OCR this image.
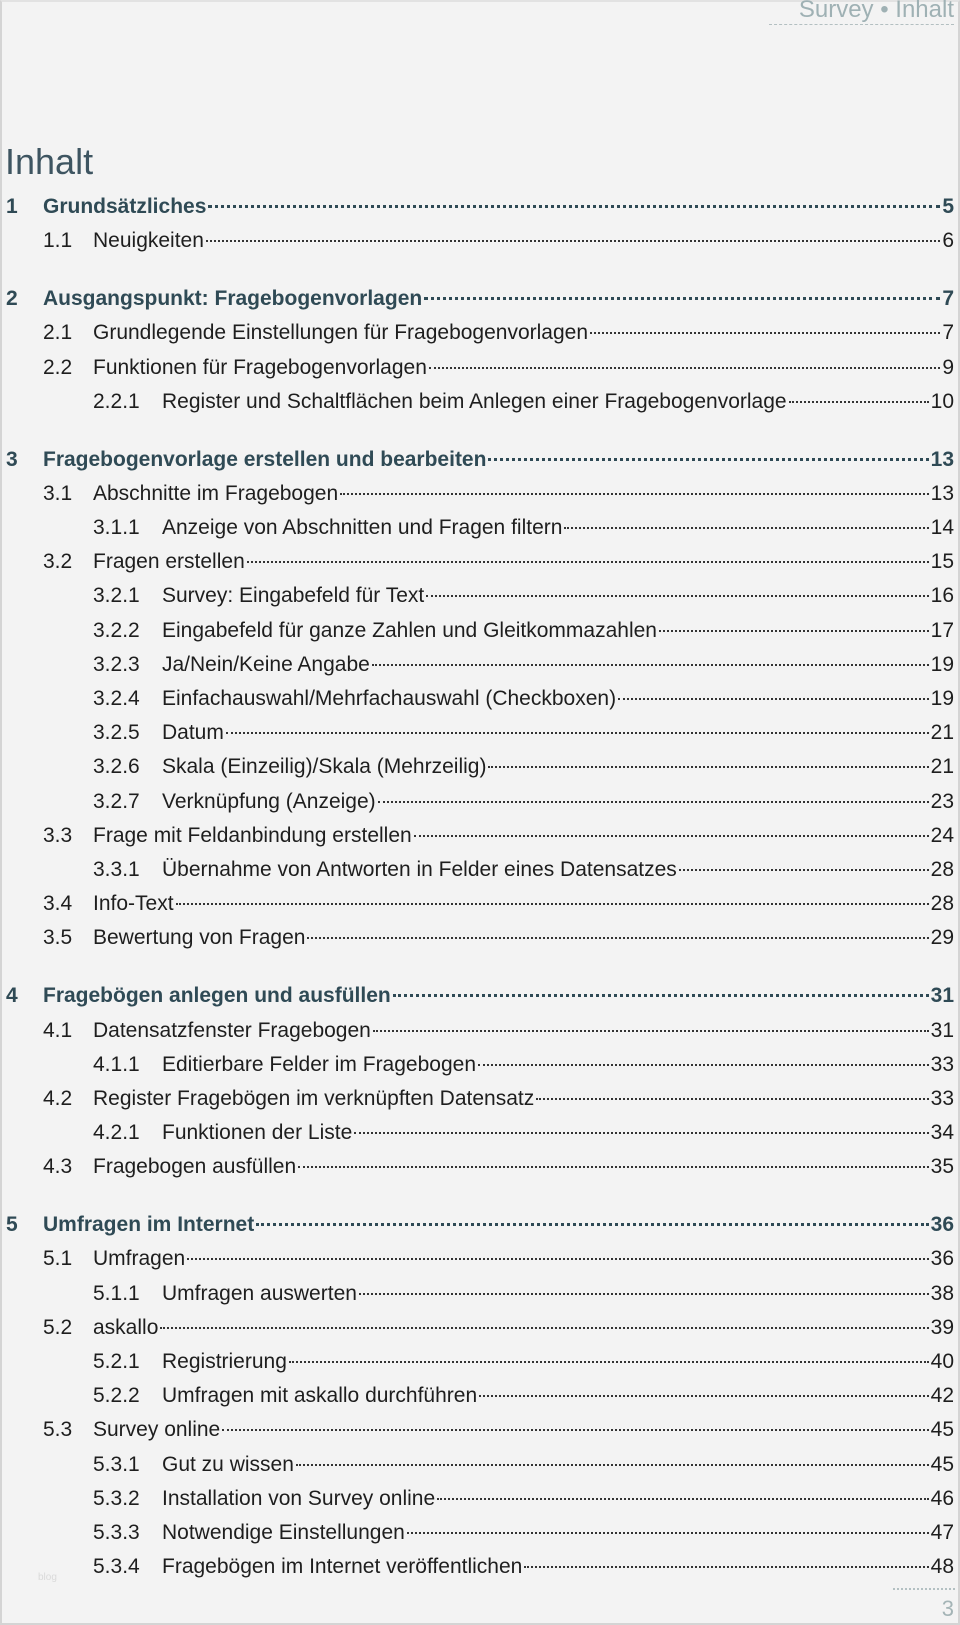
Survey • Inhalt
Inhalt
1	Grundsätzliches	5
1.1 Neuigkeiten	6
2	Ausgangspunkt: Fragebogenvorlagen	7
2.1 Grundlegende Einstellungen für Fragebogenvorlagen	7
2.2 Funktionen für Fragebogenvorlagen	9
2.2.1	Register und Schaltflächen beim Anlegen einer Fragebogenvorlage	10
3	Fragebogenvorlage erstellen und bearbeiten	13
3.1 Abschnitte im Fragebogen	13
3.1.1	Anzeige von Abschnitten und Fragen filtern	14
3.2 Fragen erstellen	15
3.2.1	Survey: Eingabefeld für Text	16
3.2.2	Eingabefeld für ganze Zahlen und Gleitkommazahlen	17
3.2.3	Ja/Nein/Keine Angabe	19
3.2.4	Einfachauswahl/Mehrfachauswahl (Checkboxen)	19
3.2.5	Datum	21
3.2.6	Skala (Einzeilig)/Skala (Mehrzeilig)	21
3.2.7	Verknüpfung (Anzeige)	23
3.3 Frage mit Feldanbindung erstellen	24
3.3.1	Übernahme von Antworten in Felder eines Datensatzes	28
3.4 Info-Text	28
3.5 Bewertung von Fragen	29
4	Fragebögen anlegen und ausfüllen	31
4.1 Datensatzfenster Fragebogen	31
4.1.1	Editierbare Felder im Fragebogen	33
4.2 Register Fragebögen im verknüpften Datensatz	33
4.2.1	Funktionen der Liste	34
4.3 Fragebogen ausfüllen	35
5	Umfragen im Internet	36
5.1 Umfragen	36
5.1.1	Umfragen auswerten	38
5.2 askallo	39
5.2.1	Registrierung	40
5.2.2	Umfragen mit askallo durchführen	42
5.3 Survey online	45
5.3.1	Gut zu wissen	45
5.3.2	Installation von Survey online	46
5.3.3	Notwendige Einstellungen	47
5.3.4	Fragebögen im Internet veröffentlichen	48
blog
3
